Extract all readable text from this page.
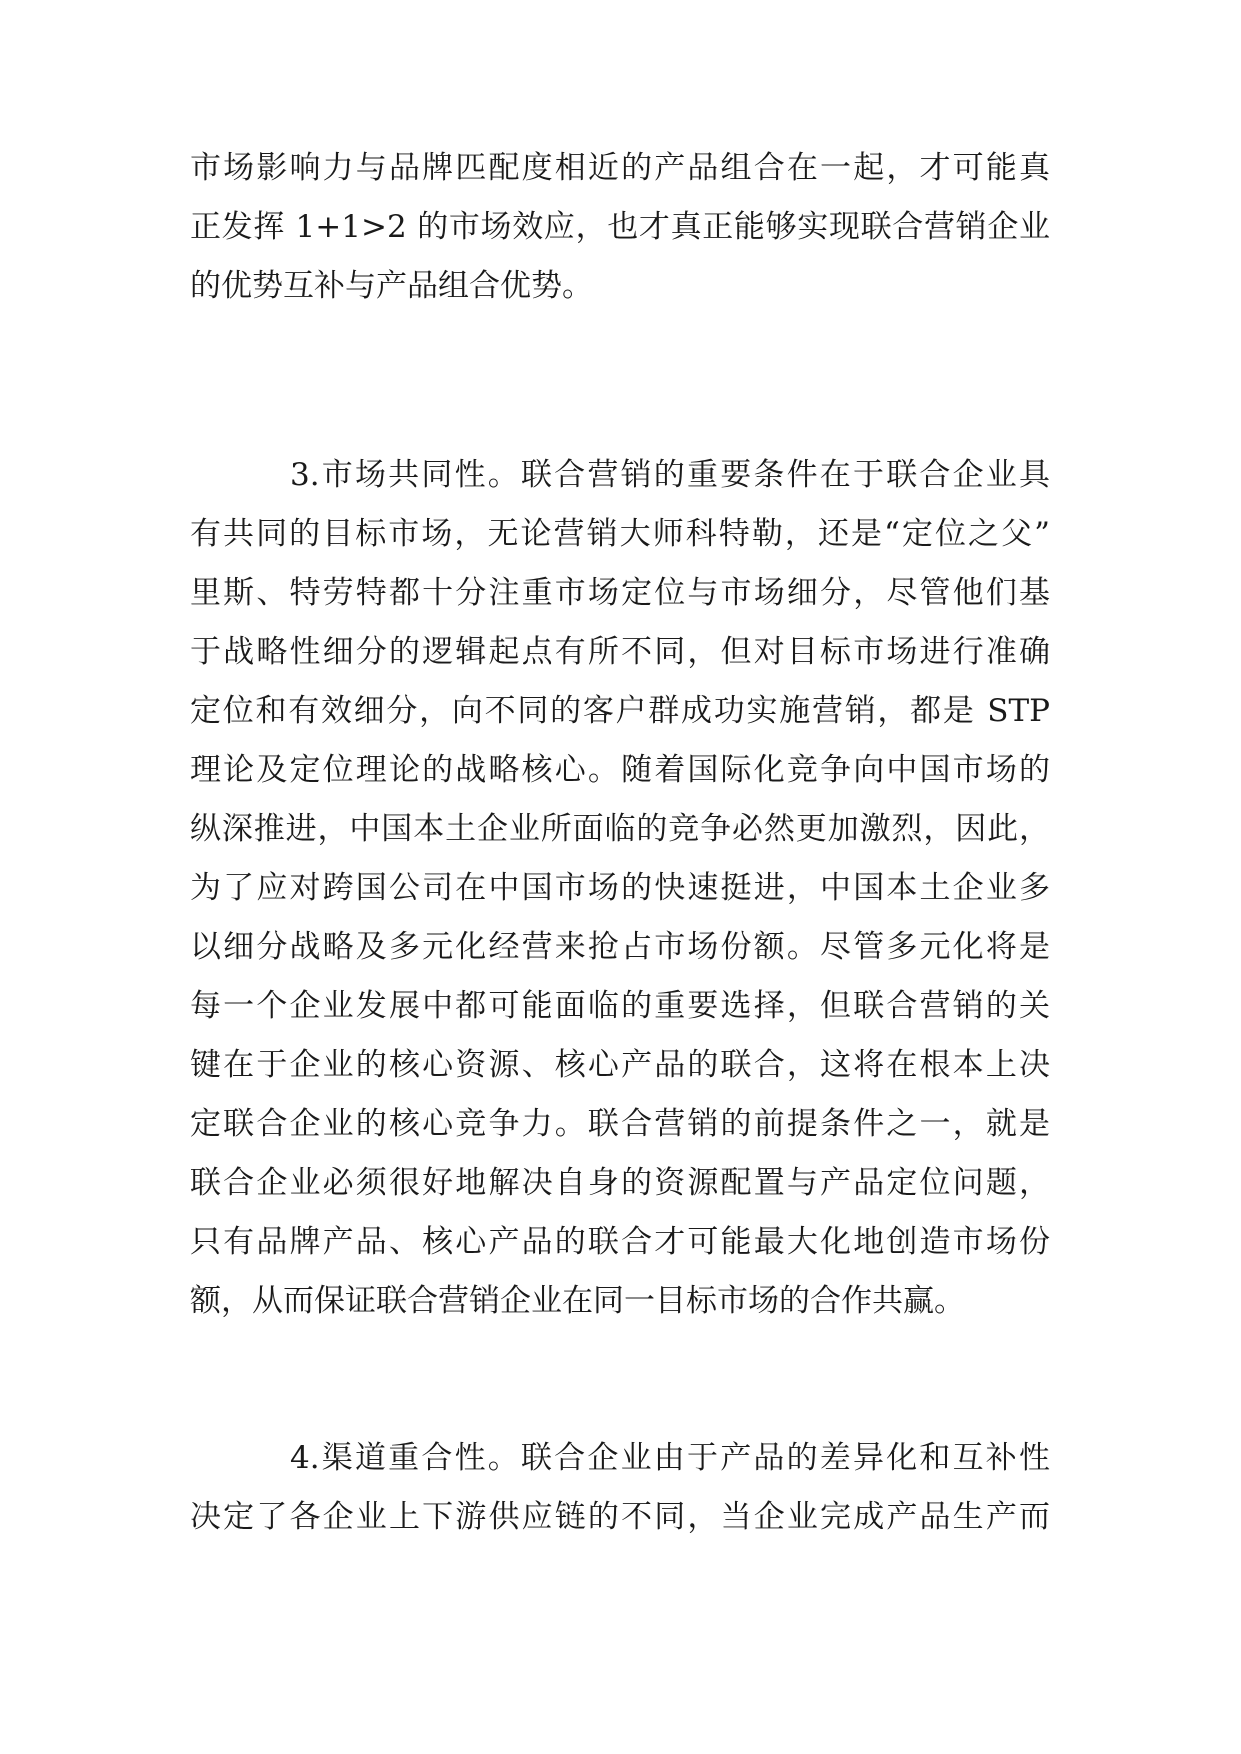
市场影响力与品牌匹配度相近的产品组合在一起，才可能真
正发挥 1+1>2 的市场效应，也才真正能够实现联合营销企业
的优势互补与产品组合优势。
3.市场共同性。联合营销的重要条件在于联合企业具
有共同的目标市场，无论营销大师科特勒，还是“定位之父”
里斯、特劳特都十分注重市场定位与市场细分，尽管他们基
于战略性细分的逻辑起点有所不同，但对目标市场进行准确
定位和有效细分，向不同的客户群成功实施营销，都是 STP
理论及定位理论的战略核心。随着国际化竞争向中国市场的
纵深推进，中国本土企业所面临的竞争必然更加激烈，因此，
为了应对跨国公司在中国市场的快速挺进，中国本土企业多
以细分战略及多元化经营来抢占市场份额。尽管多元化将是
每一个企业发展中都可能面临的重要选择，但联合营销的关
键在于企业的核心资源、核心产品的联合，这将在根本上决
定联合企业的核心竞争力。联合营销的前提条件之一，就是
联合企业必须很好地解决自身的资源配置与产品定位问题，
只有品牌产品、核心产品的联合才可能最大化地创造市场份
额，从而保证联合营销企业在同一目标市场的合作共赢。
4.渠道重合性。联合企业由于产品的差异化和互补性
决定了各企业上下游供应链的不同，当企业完成产品生产而
